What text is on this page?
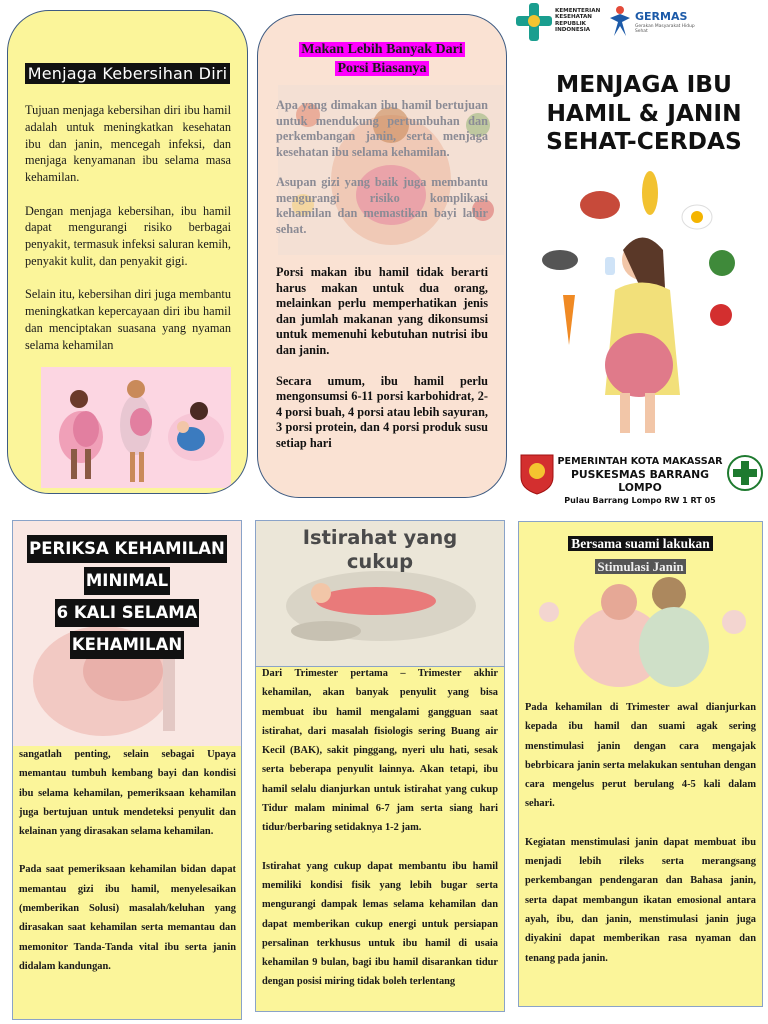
Menjaga Kebersihan Diri

Tujuan menjaga kebersihan diri ibu hamil adalah untuk meningkatkan kesehatan ibu dan janin, mencegah infeksi, dan menjaga kenyamanan ibu selama masa kehamilan.

Dengan menjaga kebersihan, ibu hamil dapat mengurangi risiko berbagai penyakit, termasuk infeksi saluran kemih, penyakit kulit, dan penyakit gigi.

Selain itu, kebersihan diri juga membantu meningkatkan kepercayaan diri ibu hamil dan menciptakan suasana yang nyaman selama kehamilan

Makan Lebih Banyak Dari
Porsi Biasanya

Apa yang dimakan ibu hamil bertujuan untuk mendukung pertumbuhan dan perkembangan janin, serta menjaga kesehatan ibu selama kehamilan.

Asupan gizi yang baik juga membantu mengurangi risiko komplikasi kehamilan dan memastikan bayi lahir sehat.

Porsi makan ibu hamil tidak berarti harus makan untuk dua orang, melainkan perlu memperhatikan jenis dan jumlah makanan yang dikonsumsi untuk memenuhi kebutuhan nutrisi ibu dan janin.

Secara umum, ibu hamil perlu mengonsumsi 6-11 porsi karbohidrat, 2-4 porsi buah, 4 porsi atau lebih sayuran, 3 porsi protein, dan 4 porsi produk susu setiap hari

KEMENTERIAN
KESEHATAN
REPUBLIK
INDONESIA
GERMAS
Gerakan Masyarakat Hidup Sehat
MENJAGA IBU
HAMIL & JANIN
SEHAT-CERDAS
PEMERINTAH KOTA MAKASSAR
PUSKESMAS BARRANG LOMPO
Pulau Barrang Lompo RW 1 RT 05
PERIKSA KEHAMILAN
MINIMAL
6 KALI SELAMA
KEHAMILAN

sangatlah penting, selain sebagai Upaya memantau tumbuh kembang bayi dan kondisi ibu selama kehamilan, pemeriksaan kehamilan juga bertujuan untuk mendeteksi penyulit dan kelainan yang dirasakan selama kehamilan.

Pada saat pemeriksaan kehamilan bidan dapat memantau gizi ibu hamil, menyelesaikan (memberikan Solusi) masalah/keluhan yang dirasakan saat kehamilan serta memantau dan memonitor Tanda-Tanda vital ibu serta janin didalam kandungan.

Istirahat yang
cukup

Dari Trimester pertama – Trimester akhir kehamilan, akan banyak penyulit yang bisa membuat ibu hamil mengalami gangguan saat istirahat, dari masalah fisiologis sering Buang air Kecil (BAK), sakit pinggang, nyeri ulu hati, sesak serta beberapa penyulit lainnya. Akan tetapi, ibu hamil selalu dianjurkan untuk istirahat yang cukup Tidur malam minimal 6-7 jam serta siang hari tidur/berbaring setidaknya 1-2 jam.

Istirahat yang cukup dapat membantu ibu hamil memiliki kondisi fisik yang lebih bugar serta mengurangi dampak lemas selama kehamilan dan dapat memberikan cukup energi untuk persiapan persalinan terkhusus untuk ibu hamil di usaia kehamilan 9 bulan, bagi ibu hamil disarankan tidur dengan posisi miring tidak boleh terlentang

Bersama suami lakukan
Stimulasi Janin

Pada kehamilan di Trimester awal dianjurkan kepada ibu hamil dan suami agak sering menstimulasi janin dengan cara mengajak bebrbicara janin serta melakukan sentuhan dengan cara mengelus perut berulang 4-5 kali dalam sehari.

Kegiatan menstimulasi janin dapat membuat ibu menjadi lebih rileks serta merangsang perkembangan pendengaran dan Bahasa janin, serta dapat membangun ikatan emosional antara ayah, ibu, dan janin, menstimulasi janin juga diyakini dapat memberikan rasa nyaman dan tenang pada janin.
